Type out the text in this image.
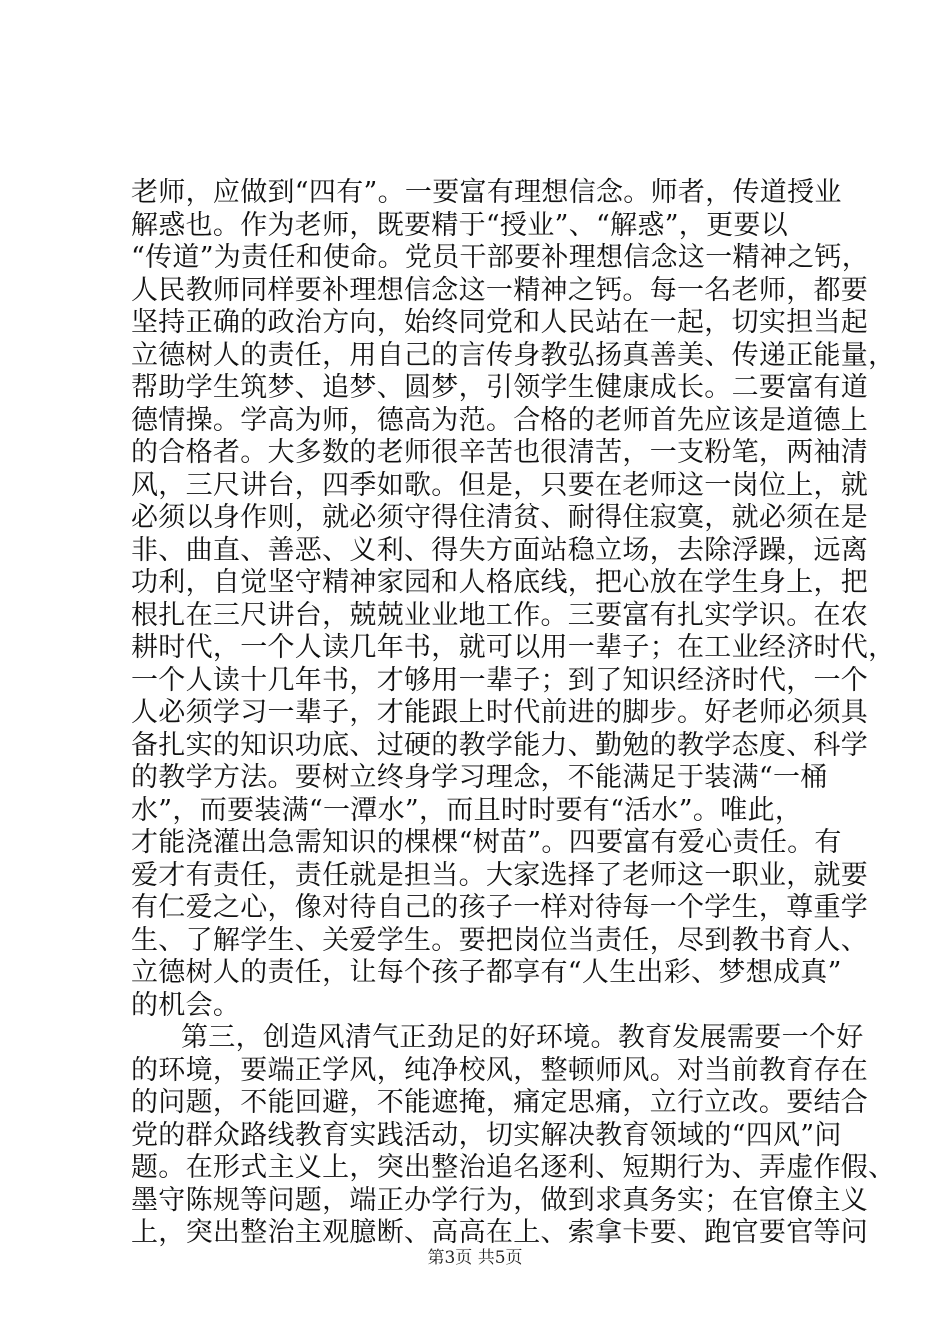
老师，应做到“四有”。一要富有理想信念。师者，传道授业
解惑也。作为老师，既要精于“授业”、“解惑”，更要以
“传道”为责任和使命。党员干部要补理想信念这一精神之钙，
人民教师同样要补理想信念这一精神之钙。每一名老师，都要
坚持正确的政治方向，始终同党和人民站在一起，切实担当起
立德树人的责任，用自己的言传身教弘扬真善美、传递正能量，
帮助学生筑梦、追梦、圆梦，引领学生健康成长。二要富有道
德情操。学高为师，德高为范。合格的老师首先应该是道德上
的合格者。大多数的老师很辛苦也很清苦，一支粉笔，两袖清
风，三尺讲台，四季如歌。但是，只要在老师这一岗位上，就
必须以身作则，就必须守得住清贫、耐得住寂寞，就必须在是
非、曲直、善恶、义利、得失方面站稳立场，去除浮躁，远离
功利，自觉坚守精神家园和人格底线，把心放在学生身上，把
根扎在三尺讲台，兢兢业业地工作。三要富有扎实学识。在农
耕时代，一个人读几年书，就可以用一辈子；在工业经济时代，
一个人读十几年书，才够用一辈子；到了知识经济时代，一个
人必须学习一辈子，才能跟上时代前进的脚步。好老师必须具
备扎实的知识功底、过硬的教学能力、勤勉的教学态度、科学
的教学方法。要树立终身学习理念，不能满足于装满“一桶
水”，而要装满“一潭水”，而且时时要有“活水”。唯此，
才能浇灌出急需知识的棵棵“树苗”。四要富有爱心责任。有
爱才有责任，责任就是担当。大家选择了老师这一职业，就要
有仁爱之心，像对待自己的孩子一样对待每一个学生，尊重学
生、了解学生、关爱学生。要把岗位当责任，尽到教书育人、
立德树人的责任，让每个孩子都享有“人生出彩、梦想成真”
的机会。
第三，创造风清气正劲足的好环境。教育发展需要一个好
的环境，要端正学风，纯净校风，整顿师风。对当前教育存在
的问题，不能回避，不能遮掩，痛定思痛，立行立改。要结合
党的群众路线教育实践活动，切实解决教育领域的“四风”问
题。在形式主义上，突出整治追名逐利、短期行为、弄虚作假、
墨守陈规等问题，端正办学行为，做到求真务实；在官僚主义
上，突出整治主观臆断、高高在上、索拿卡要、跑官要官等问
第3页 共5页
